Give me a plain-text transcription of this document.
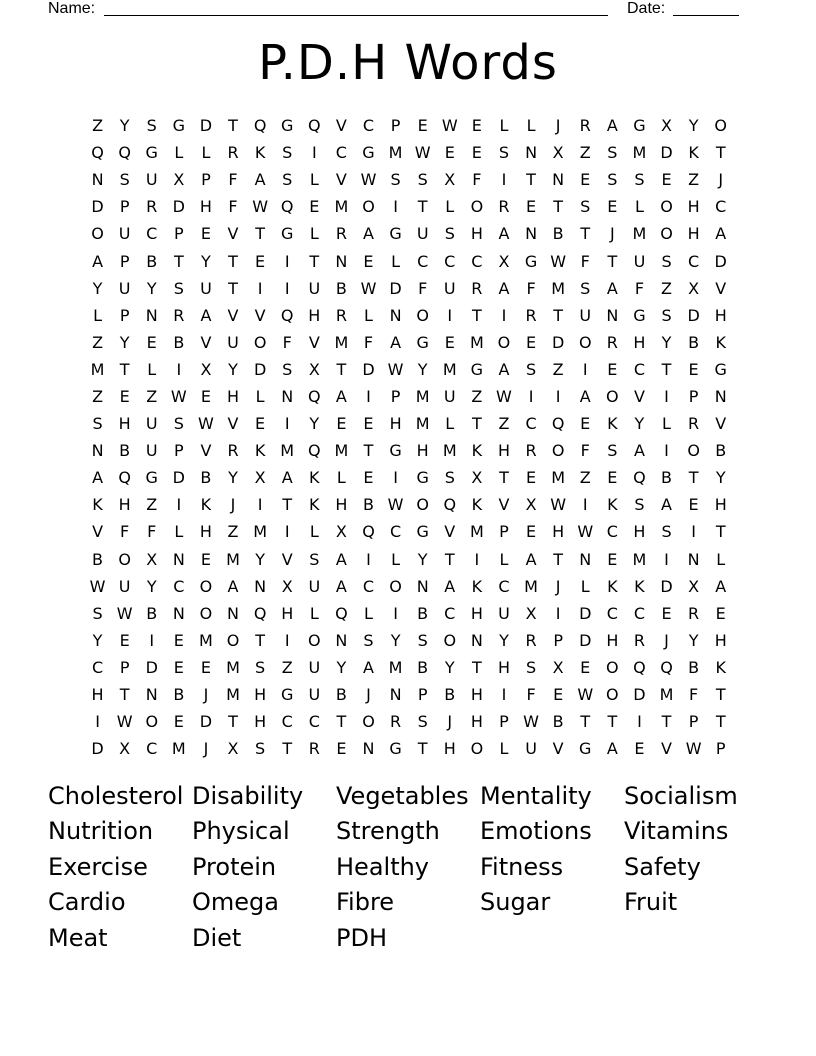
Name:	Date:
P.D.H Words
Z	Y	S G D	T Q G Q V	C	P	E W E	L	L	J	R	A G X	Y O
Q Q G	L	L	R	K	S	I	C G M W E	E	S	N X	Z	S M D K	T
N	S	U X	P	F	A	S	L	V W S	S	X	F	I	T	N	E	S	S	E	Z	J
D	P	R D H	F W Q E M O	I	T	L	O R	E	T	S	E	L	O H C
O U C	P	E	V	T	G	L	R	A G U	S	H A N B	T	J	M O H A
A	P	B	T	Y	T	E	I	T	N	E	L	C C C	X G W F	T	U	S	C D
Y	U	Y	S	U	T	I	I	U B W D	F	U R	A	F M S	A	F	Z	X	V
L	P	N R	A	V	V Q H R	L	N O	I	T	I	R	T	U N G S D H
Z	Y	E	B	V U O	F	V M F	A G E M O E D O R H	Y	B	K
M T	L	I	X	Y	D S	X	T	D W Y M G A	S	Z	I	E	C	T	E G
Z	E	Z W E	H	L	N Q A	I	P M U Z W	I	I	A O V	I	P	N
S	H U	S W V	E	I	Y	E	E	H M L	T	Z	C Q E	K	Y	L	R	V
N B U	P	V	R	K M Q M T	G H M K H R O	F	S	A	I	O B
A Q G D B	Y	X	A	K	L	E	I	G S	X	T	E M Z	E Q B	T	Y
K H Z	I	K	J	I	T	K H B W O Q K	V	X W	I	K	S	A	E	H
V	F	F	L	H Z M	I	L	X Q C G V M P	E	H W C H	S	I	T
B O X N	E M Y	V	S	A	I	L	Y	T	I	L	A	T	N	E M	I	N	L
W U	Y	C O A N X U A	C O N A	K	C M	J	L	K	K D X	A
S W B N O N Q H	L	Q	L	I	B	C H U X	I	D C C	E	R	E
Y	E	I	E M O T	I	O N	S	Y	S O N	Y	R	P	D H R	J	Y	H
C	P	D E	E M S	Z U	Y	A M B	Y	T	H	S	X	E O Q Q B	K
H	T	N B	J	M H G U B	J	N	P	B H	I	F	E W O D M F	T
I	W O E D	T	H C C	T O R	S	J	H	P W B	T	T	I	T	P	T
D X	C M	J	X	S	T	R	E	N G	T	H O	L	U V G A	E	V W P
Cholesterol Disability	Vegetables Mentality	Socialism
Nutrition	Physical	Strength	Emotions	Vitamins
Exercise	Protein	Healthy	Fitness	Safety
Cardio	Omega	Fibre	Sugar	Fruit
Meat	Diet	PDH
